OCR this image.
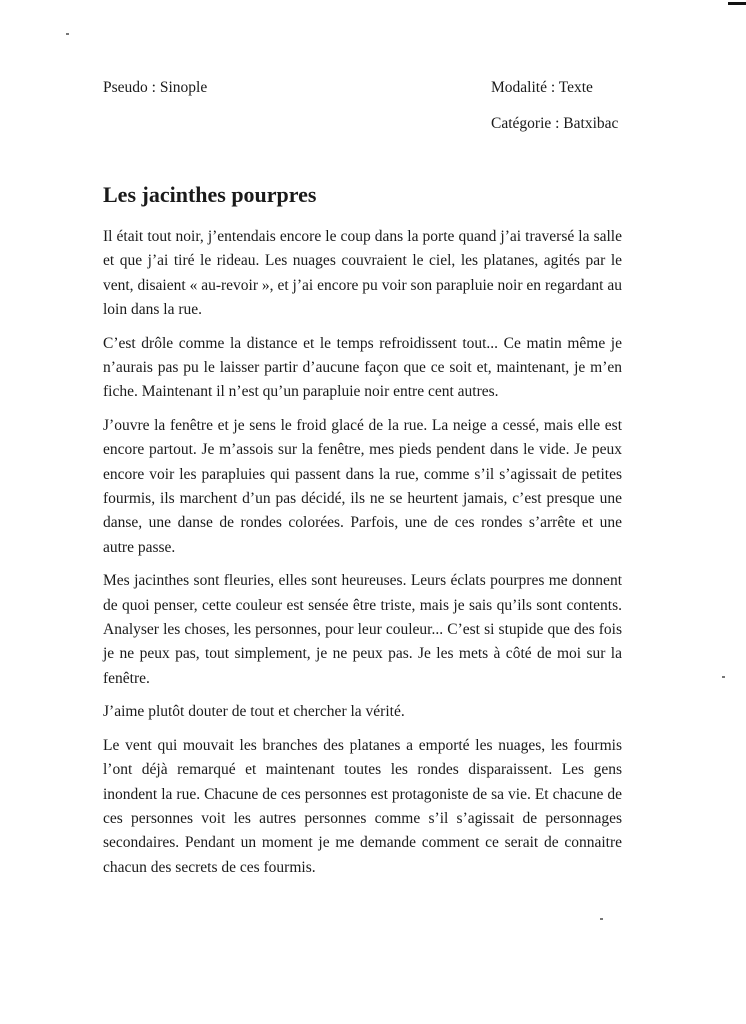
Pseudo : Sinople	Modalité : Texte
Catégorie : Batxibac
Les jacinthes pourpres

Il était tout noir, j’entendais encore le coup dans la porte quand j’ai traversé la salle et que j’ai tiré le rideau. Les nuages couvraient le ciel, les platanes, agités par le vent, disaient « au-revoir », et j’ai encore pu voir son parapluie noir en regardant au loin dans la rue.

C’est drôle comme la distance et le temps refroidissent tout... Ce matin même je n’aurais pas pu le laisser partir d’aucune façon que ce soit et, maintenant, je m’en fiche. Maintenant il n’est qu’un parapluie noir entre cent autres.

J’ouvre la fenêtre et je sens le froid glacé de la rue. La neige a cessé, mais elle est encore partout. Je m’assois sur la fenêtre, mes pieds pendent dans le vide. Je peux encore voir les parapluies qui passent dans la rue, comme s’il s’agissait de petites fourmis, ils marchent d’un pas décidé, ils ne se heurtent jamais, c’est presque une danse, une danse de rondes colorées. Parfois, une de ces rondes s’arrête et une autre passe.

Mes jacinthes sont fleuries, elles sont heureuses. Leurs éclats pourpres me donnent de quoi penser, cette couleur est sensée être triste, mais je sais qu’ils sont contents. Analyser les choses, les personnes, pour leur couleur... C’est si stupide que des fois je ne peux pas, tout simplement, je ne peux pas. Je les mets à côté de moi sur la fenêtre.

J’aime plutôt douter de tout et chercher la vérité.

Le vent qui mouvait les branches des platanes a emporté les nuages, les fourmis l’ont déjà remarqué et maintenant toutes les rondes disparaissent. Les gens inondent la rue. Chacune de ces personnes est protagoniste de sa vie. Et chacune de ces personnes voit les autres personnes comme s’il s’agissait de personnages secondaires. Pendant un moment je me demande comment ce serait de connaitre chacun des secrets de ces fourmis.
